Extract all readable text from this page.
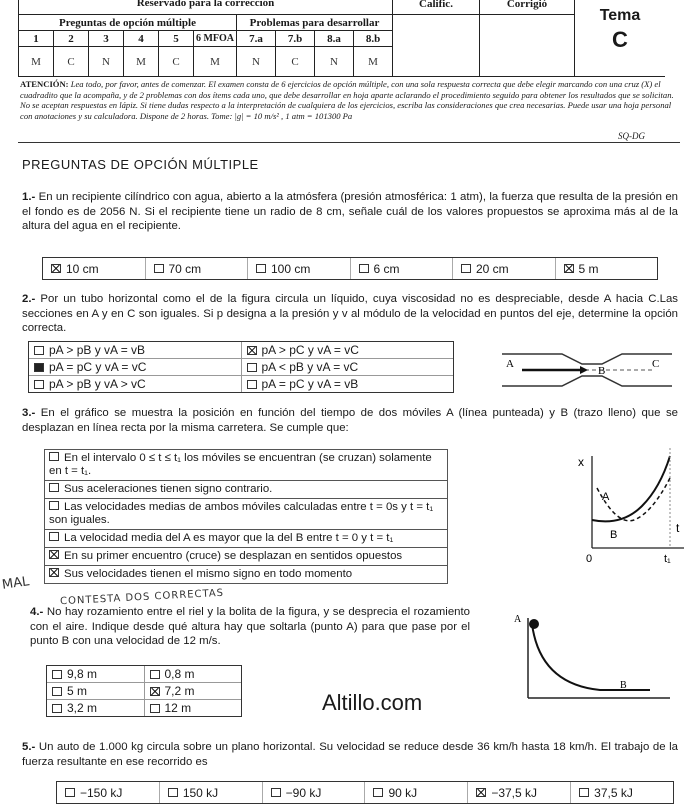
Reservado para la corrección										Calific.	Corrigió	Tema
C

Preguntas de opción múltiple						Problemas para desarrollar						
1	2	3	4	5	6 MFOA	7.a	7.b	8.a	8.b			
M	C	N	M	C	M	N	C	N	M			
ATENCIÓN: Lea todo, por favor, antes de comenzar. El examen consta de 6 ejercicios de opción múltiple, con una sola respuesta correcta que debe elegir marcando con una cruz (X) el cuadradito que la acompaña, y de 2 problemas con dos ítems cada uno, que debe desarrollar en hoja aparte aclarando el procedimiento seguido para obtener los resultados que se solicitan. No se aceptan respuestas en lápiz. Si tiene dudas respecto a la interpretación de cualquiera de los ejercicios, escriba las consideraciones que crea necesarias. Puede usar una hoja personal con anotaciones y su calculadora. Dispone de 2 horas. Tome: |g| = 10 m/s² , 1 atm = 101300 Pa
SQ-DG
PREGUNTAS DE OPCIÓN MÚLTIPLE
1.- En un recipiente cilíndrico con agua, abierto a la atmósfera (presión atmosférica: 1 atm), la fuerza que resulta de la presión en el fondo es de 2056 N. Si el recipiente tiene un radio de 8 cm, señale cuál de los valores propuestos se aproxima más al de la altura del agua en el recipiente.
10 cm	70 cm	100 cm	6 cm	20 cm	5 m
2.- Por un tubo horizontal como el de la figura circula un líquido, cuya viscosidad no es despreciable, desde A hacia C.Las secciones en A y en C son iguales. Si p designa a la presión y v al módulo de la velocidad en puntos del eje, determine la opción correcta.
pA > pB y vA = vB	pA > pC y vA = vC
pA = pC y vA = vC	pA < pB y vA = vC
pA > pB y vA > vC	pA = pC y vA = vB
A
B
C
3.- En el gráfico se muestra la posición en función del tiempo de dos móviles A (línea punteada) y B (trazo lleno) que se desplazan en línea recta por la misma carretera. Se cumple que:
En el intervalo 0 ≤ t ≤ t₁ los móviles se encuentran (se cruzan) solamente en t = t₁.
Sus aceleraciones tienen signo contrario.
Las velocidades medias de ambos móviles calculadas entre t = 0s y t = t₁ son iguales.
La velocidad media del A es mayor que la del B entre t = 0 y t = t₁
En su primer encuentro (cruce) se desplazan en sentidos opuestos
Sus velocidades tienen el mismo signo en todo momento
MAL
CONTESTA DOS CORRECTAS
x
t
0	t₁
A
B
4.- No hay rozamiento entre el riel y la bolita de la figura, y se desprecia el rozamiento con el aire. Indique desde qué altura hay que soltarla (punto A) para que pase por el punto B con una velocidad de 12 m/s.
9,8 m	0,8 m
5 m	7,2 m
3,2 m	12 m
A
B
Altillo.com
5.- Un auto de 1.000 kg circula sobre un plano horizontal. Su velocidad se reduce desde 36 km/h hasta 18 km/h. El trabajo de la fuerza resultante en ese recorrido es
−150 kJ	150 kJ	−90 kJ	90 kJ	−37,5 kJ	37,5 kJ
